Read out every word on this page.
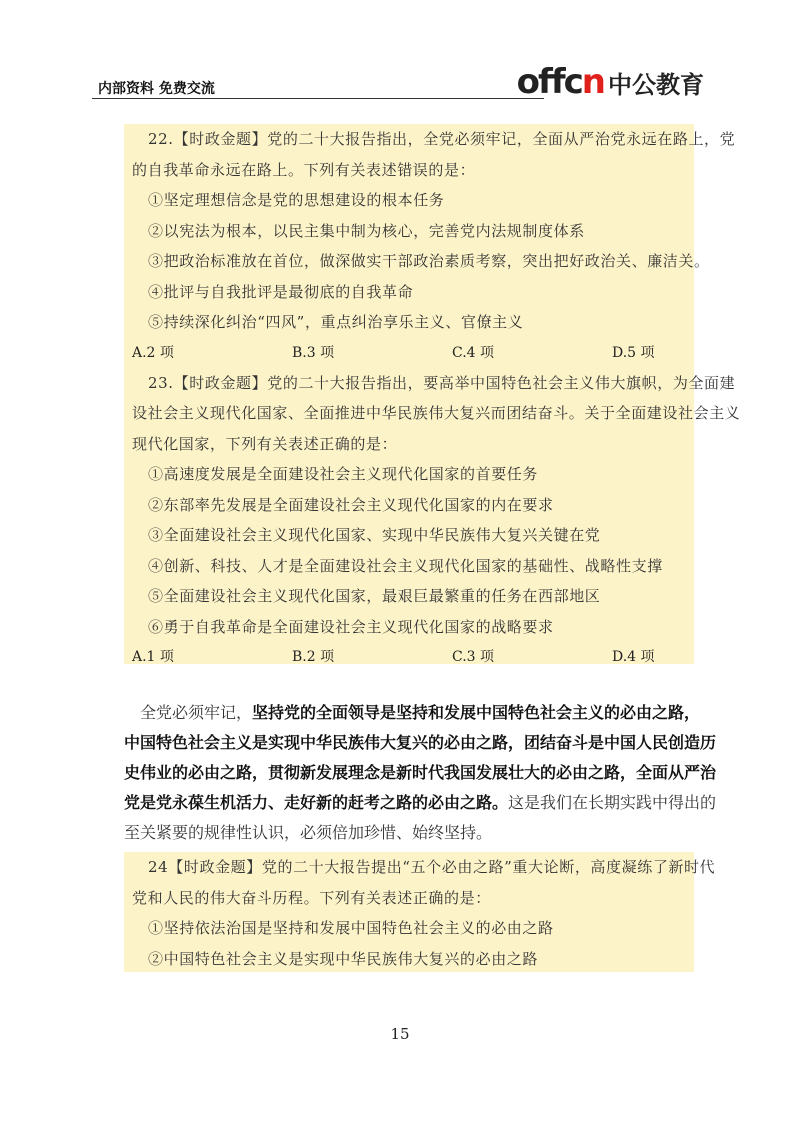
内部资料 免费交流	offcn 中公教育
22.【时政金题】党的二十大报告指出，全党必须牢记，全面从严治党永远在路上，党
的自我革命永远在路上。下列有关表述错误的是：
①坚定理想信念是党的思想建设的根本任务
②以宪法为根本，以民主集中制为核心，完善党内法规制度体系
③把政治标准放在首位，做深做实干部政治素质考察，突出把好政治关、廉洁关。
④批评与自我批评是最彻底的自我革命
⑤持续深化纠治“四风”，重点纠治享乐主义、官僚主义
A.2 项	B.3 项	C.4 项	D.5 项
23.【时政金题】党的二十大报告指出，要高举中国特色社会主义伟大旗帜，为全面建
设社会主义现代化国家、全面推进中华民族伟大复兴而团结奋斗。关于全面建设社会主义
现代化国家，下列有关表述正确的是：
①高速度发展是全面建设社会主义现代化国家的首要任务
②东部率先发展是全面建设社会主义现代化国家的内在要求
③全面建设社会主义现代化国家、实现中华民族伟大复兴关键在党
④创新、科技、人才是全面建设社会主义现代化国家的基础性、战略性支撑
⑤全面建设社会主义现代化国家，最艰巨最繁重的任务在西部地区
⑥勇于自我革命是全面建设社会主义现代化国家的战略要求
A.1 项	B.2 项	C.3 项	D.4 项
全党必须牢记，坚持党的全面领导是坚持和发展中国特色社会主义的必由之路，
中国特色社会主义是实现中华民族伟大复兴的必由之路，团结奋斗是中国人民创造历
史伟业的必由之路，贯彻新发展理念是新时代我国发展壮大的必由之路，全面从严治
党是党永葆生机活力、走好新的赶考之路的必由之路。这是我们在长期实践中得出的
至关紧要的规律性认识，必须倍加珍惜、始终坚持。
24【时政金题】党的二十大报告提出“五个必由之路”重大论断，高度凝练了新时代
党和人民的伟大奋斗历程。下列有关表述正确的是：
①坚持依法治国是坚持和发展中国特色社会主义的必由之路
②中国特色社会主义是实现中华民族伟大复兴的必由之路
15
